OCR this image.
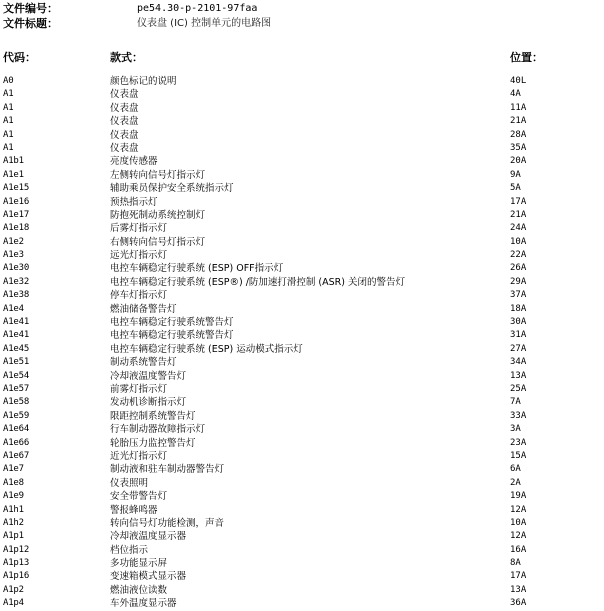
文件编号：	pe54.30-p-2101-97faa
文件标题：	仪表盘 (IC) 控制单元的电路图
代码：	款式：	位置：
A0	颜色标记的说明	40L
A1	仪表盘	4A
A1	仪表盘	11A
A1	仪表盘	21A
A1	仪表盘	28A
A1	仪表盘	35A
A1b1	亮度传感器	20A
A1e1	左侧转向信号灯指示灯	9A
A1e15	辅助乘员保护安全系统指示灯	5A
A1e16	预热指示灯	17A
A1e17	防抱死制动系统控制灯	21A
A1e18	后雾灯指示灯	24A
A1e2	右侧转向信号灯指示灯	10A
A1e3	远光灯指示灯	22A
A1e30	电控车辆稳定行驶系统 (ESP) OFF指示灯	26A
A1e32	电控车辆稳定行驶系统 (ESP®) /防加速打滑控制 (ASR) 关闭的警告灯	29A
A1e38	停车灯指示灯	37A
A1e4	燃油储备警告灯	18A
A1e41	电控车辆稳定行驶系统警告灯	30A
A1e41	电控车辆稳定行驶系统警告灯	31A
A1e45	电控车辆稳定行驶系统 (ESP) 运动模式指示灯	27A
A1e51	制动系统警告灯	34A
A1e54	冷却液温度警告灯	13A
A1e57	前雾灯指示灯	25A
A1e58	发动机诊断指示灯	7A
A1e59	限距控制系统警告灯	33A
A1e64	行车制动器故障指示灯	3A
A1e66	轮胎压力监控警告灯	23A
A1e67	近光灯指示灯	15A
A1e7	制动液和驻车制动器警告灯	6A
A1e8	仪表照明	2A
A1e9	安全带警告灯	19A
A1h1	警报蜂鸣器	12A
A1h2	转向信号灯功能检测，声音	10A
A1p1	冷却液温度显示器	12A
A1p12	档位指示	16A
A1p13	多功能显示屏	8A
A1p16	变速箱模式显示器	17A
A1p2	燃油液位读数	13A
A1p4	车外温度显示器	36A
